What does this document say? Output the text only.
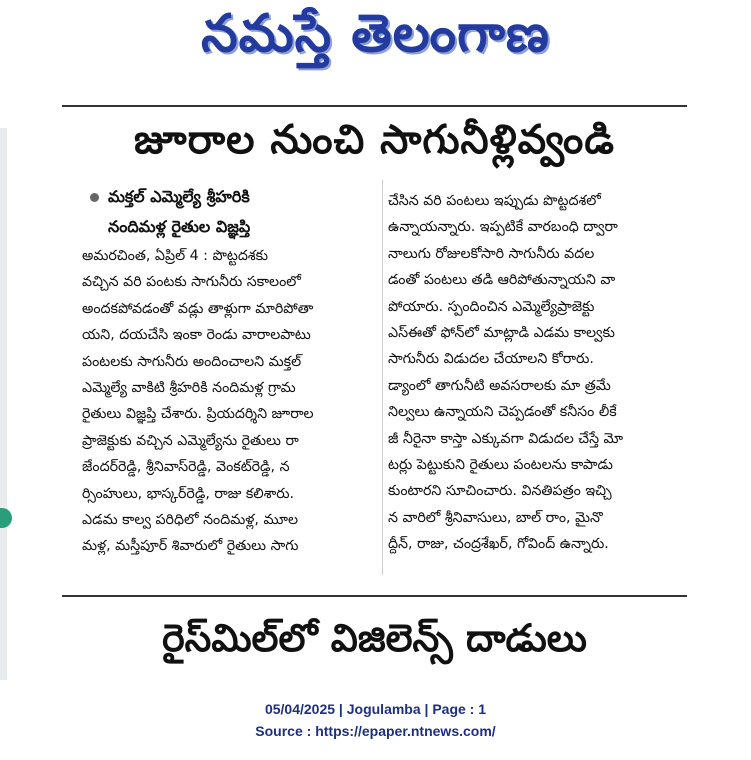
నమస్తే తెలంగాణ
జూరాల నుంచి సాగునీళ్లివ్వండి
మక్తల్ ఎమ్మెల్యే శ్రీహరికి
నందిమళ్ల రైతుల విజ్ఞప్తి
అమరచింత, ఏప్రిల్ 4 : పొట్టదశకు
వచ్చిన వరి పంటకు సాగునీరు సకాలంలో
అందకపోవడంతో వడ్లు తాళ్లుగా మారిపోతా
యని, దయచేసి ఇంకా రెండు వారాలపాటు
పంటలకు సాగునీరు అందించాలని మక్తల్
ఎమ్మెల్యే వాకిటి శ్రీహరికి నందిమళ్ల గ్రామ
రైతులు విజ్ఞప్తి చేశారు. ప్రియదర్శిని జూరాల
ప్రాజెక్టుకు వచ్చిన ఎమ్మెల్యేను రైతులు రా
జేందర్‌రెడ్డి, శ్రీనివాస్‌రెడ్డి, వెంకట్‌రెడ్డి, న
ర్సింహులు, భాస్కర్‌రెడ్డి, రాజు కలిశారు.
ఎడమ కాల్వ పరిధిలో నందిమళ్ల, మూల
మళ్ల, మస్తీపూర్ శివారులో రైతులు సాగు
చేసిన వరి పంటలు ఇప్పుడు పొట్టదశలో
ఉన్నాయన్నారు. ఇప్పటికే వారబంధి ద్వారా
నాలుగు రోజులకోసారి సాగునీరు వదల
డంతో పంటలు తడి ఆరిపోతున్నాయని వా
పోయారు. స్పందించిన ఎమ్మెల్యేప్రాజెక్టు
ఎస్ఈతో ఫోన్‌లో మాట్లాడి ఎడమ కాల్వకు
సాగునీరు విడుదల చేయాలని కోరారు.
డ్యాంలో తాగునీటి అవసరాలకు మా త్రమే
నిల్వలు ఉన్నాయని చెప్పడంతో కనీసం లీకే
జీ నీరైనా కాస్తా ఎక్కువగా విడుదల చేస్తే మో
టర్లు పెట్టుకుని రైతులు పంటలను కాపాడు
కుంటారని సూచించారు. వినతిపత్రం ఇచ్చి
న వారిలో శ్రీనివాసులు, బాల్ రాం, మైనొ
ద్దీన్, రాజు, చంద్రశేఖర్, గోవింద్ ఉన్నారు.
రైస్‌మిల్‌లో విజిలెన్స్ దాడులు
05/04/2025 | Jogulamba | Page : 1
Source : https://epaper.ntnews.com/
